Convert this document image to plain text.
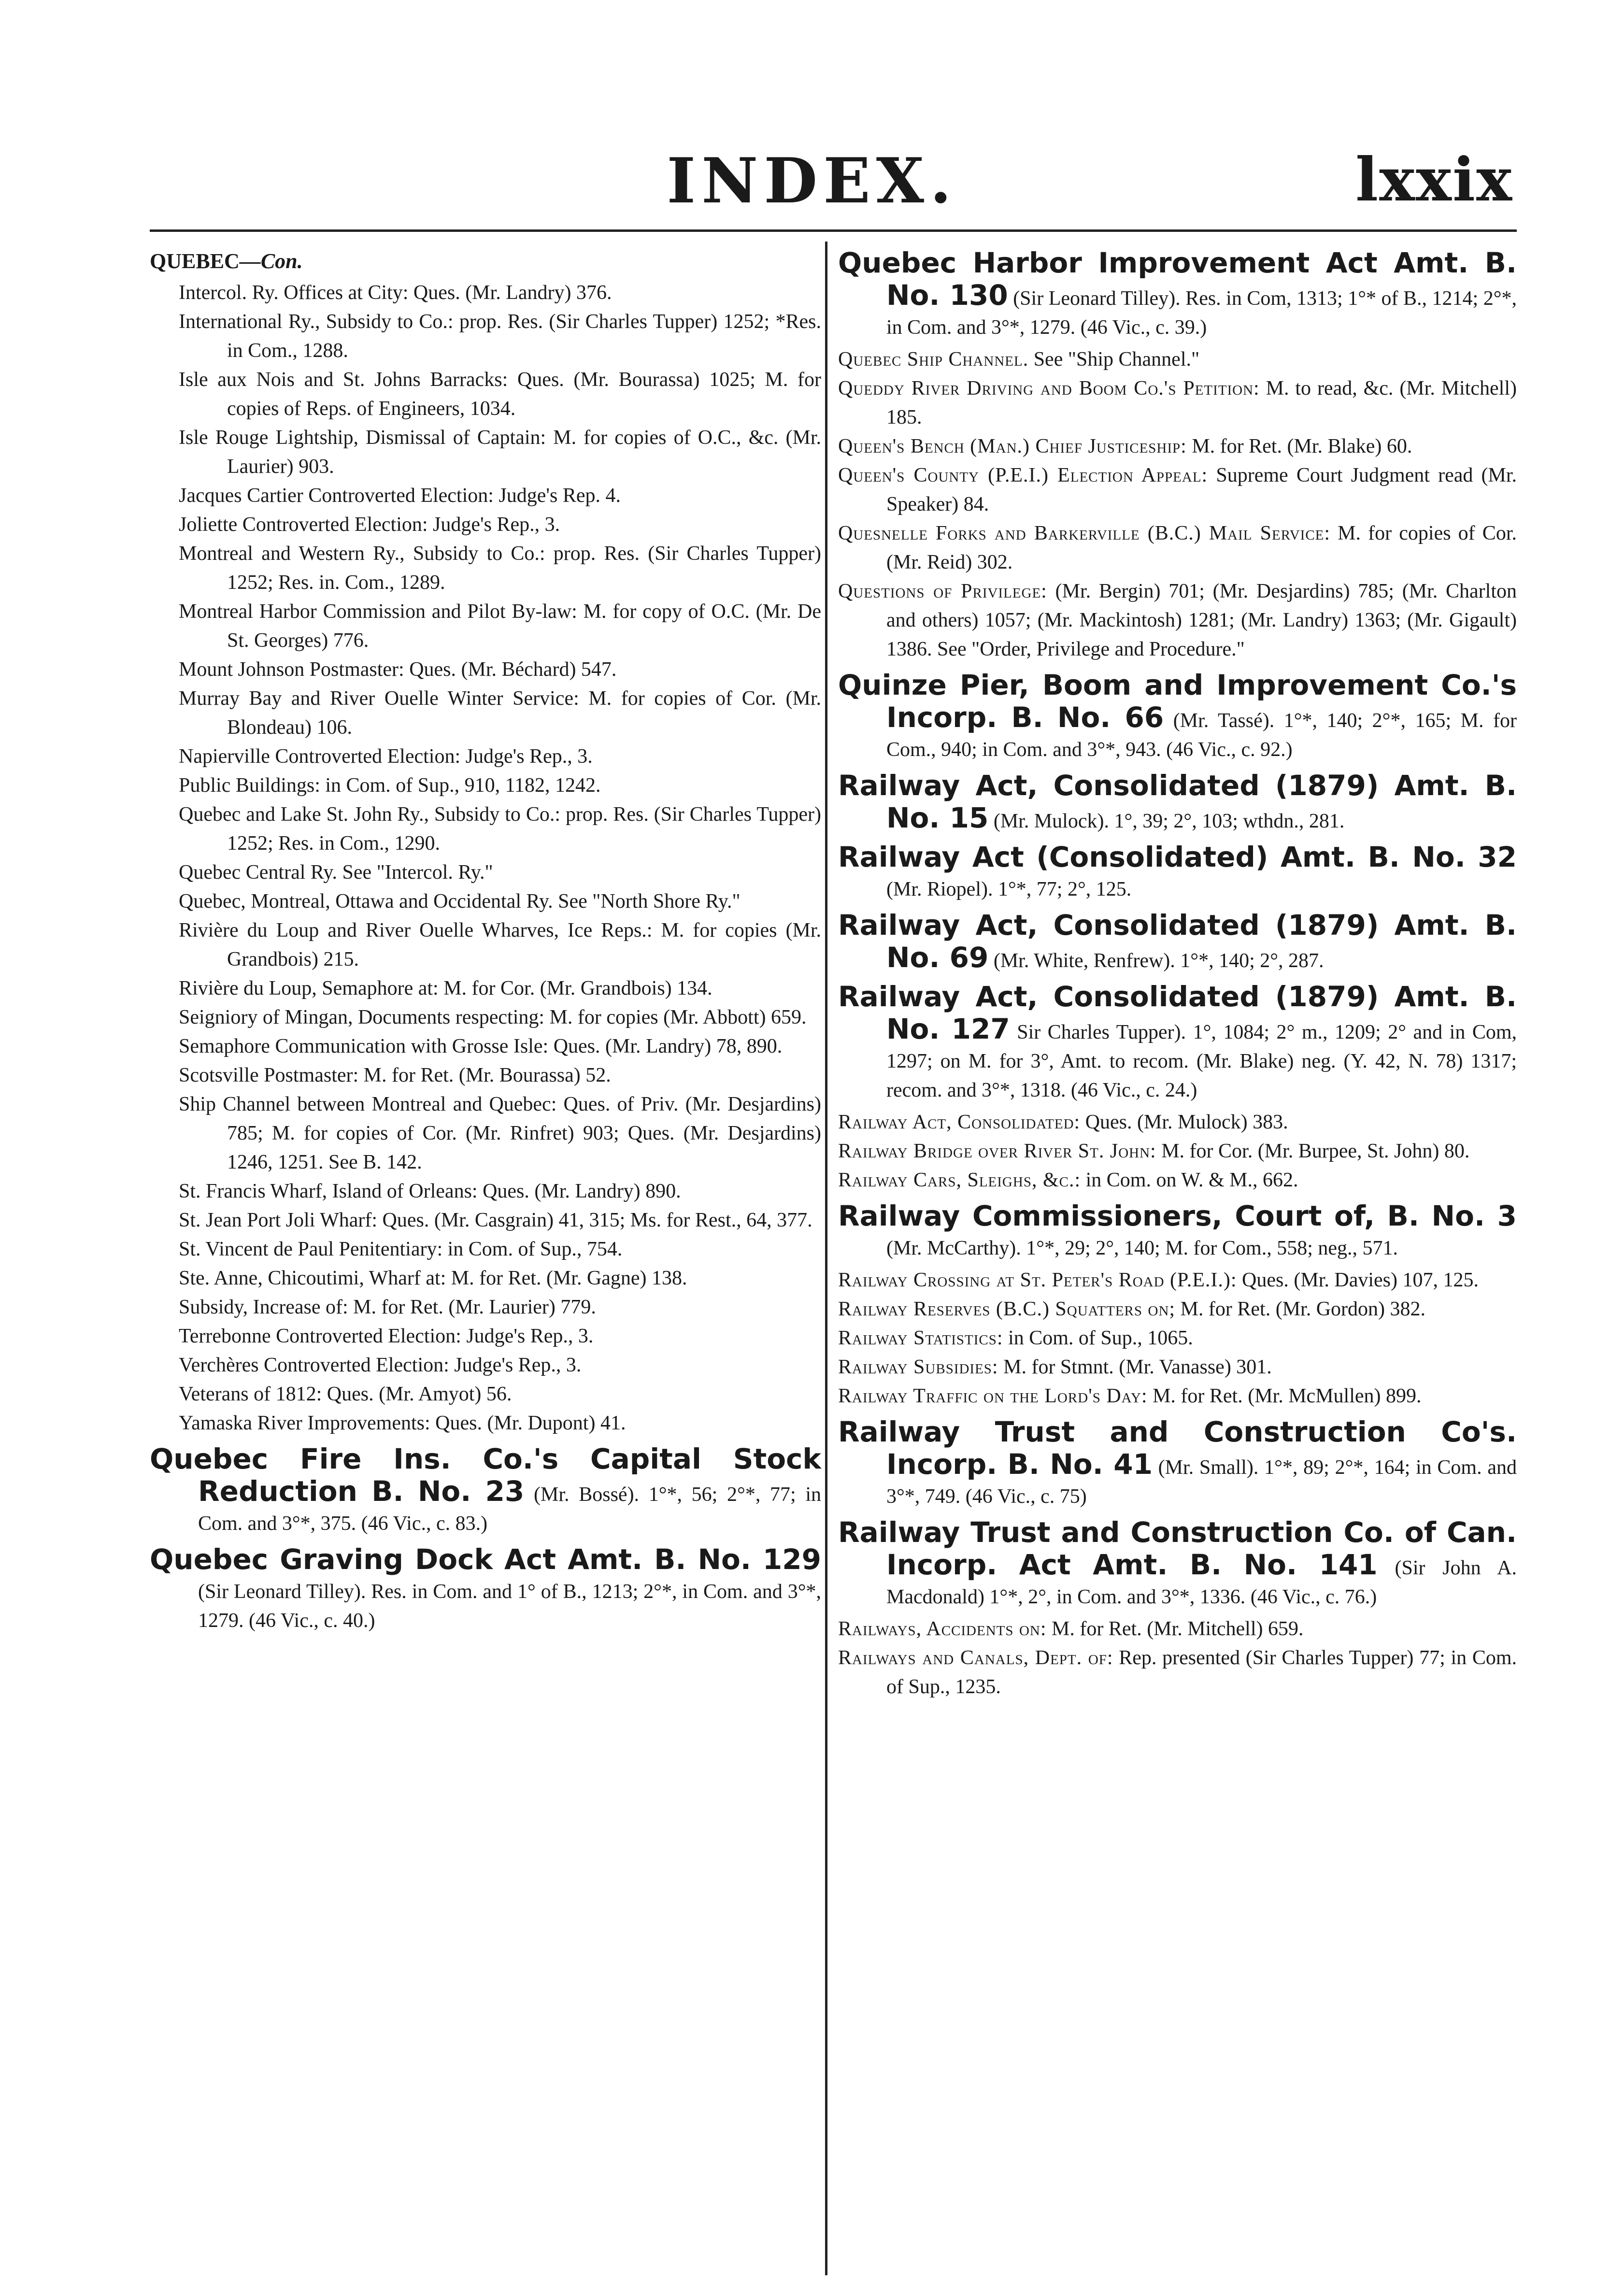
INDEX.	lxxix
QUEBEC—Con.

Intercol. Ry. Offices at City: Ques. (Mr. Landry) 376.

International Ry., Subsidy to Co.: prop. Res. (Sir Charles Tupper) 1252; *Res. in Com., 1288.

Isle aux Nois and St. Johns Barracks: Ques. (Mr. Bourassa) 1025; M. for copies of Reps. of Engineers, 1034.

Isle Rouge Lightship, Dismissal of Captain: M. for copies of O.C., &c. (Mr. Laurier) 903.

Jacques Cartier Controverted Election: Judge's Rep. 4.

Joliette Controverted Election: Judge's Rep., 3.

Montreal and Western Ry., Subsidy to Co.: prop. Res. (Sir Charles Tupper) 1252; Res. in. Com., 1289.

Montreal Harbor Commission and Pilot By-law: M. for copy of O.C. (Mr. De St. Georges) 776.

Mount Johnson Postmaster: Ques. (Mr. Béchard) 547.

Murray Bay and River Ouelle Winter Service: M. for copies of Cor. (Mr. Blondeau) 106.

Napierville Controverted Election: Judge's Rep., 3.

Public Buildings: in Com. of Sup., 910, 1182, 1242.

Quebec and Lake St. John Ry., Subsidy to Co.: prop. Res. (Sir Charles Tupper) 1252; Res. in Com., 1290.

Quebec Central Ry. See "Intercol. Ry."

Quebec, Montreal, Ottawa and Occidental Ry. See "North Shore Ry."

Rivière du Loup and River Ouelle Wharves, Ice Reps.: M. for copies (Mr. Grandbois) 215.

Rivière du Loup, Semaphore at: M. for Cor. (Mr. Grandbois) 134.

Seigniory of Mingan, Documents respecting: M. for copies (Mr. Abbott) 659.

Semaphore Communication with Grosse Isle: Ques. (Mr. Landry) 78, 890.

Scotsville Postmaster: M. for Ret. (Mr. Bourassa) 52.

Ship Channel between Montreal and Quebec: Ques. of Priv. (Mr. Desjardins) 785; M. for copies of Cor. (Mr. Rinfret) 903; Ques. (Mr. Desjardins) 1246, 1251. See B. 142.

St. Francis Wharf, Island of Orleans: Ques. (Mr. Landry) 890.

St. Jean Port Joli Wharf: Ques. (Mr. Casgrain) 41, 315; Ms. for Rest., 64, 377.

St. Vincent de Paul Penitentiary: in Com. of Sup., 754.

Ste. Anne, Chicoutimi, Wharf at: M. for Ret. (Mr. Gagne) 138.

Subsidy, Increase of: M. for Ret. (Mr. Laurier) 779.

Terrebonne Controverted Election: Judge's Rep., 3.

Verchères Controverted Election: Judge's Rep., 3.

Veterans of 1812: Ques. (Mr. Amyot) 56.

Yamaska River Improvements: Ques. (Mr. Dupont) 41.

Quebec Fire Ins. Co.'s Capital Stock Reduction B. No. 23 (Mr. Bossé). 1°*, 56; 2°*, 77; in Com. and 3°*, 375. (46 Vic., c. 83.)

Quebec Graving Dock Act Amt. B. No. 129 (Sir Leonard Tilley). Res. in Com. and 1° of B., 1213; 2°*, in Com. and 3°*, 1279. (46 Vic., c. 40.)

Quebec Harbor Improvement Act Amt. B. No. 130 (Sir Leonard Tilley). Res. in Com, 1313; 1°* of B., 1214; 2°*, in Com. and 3°*, 1279. (46 Vic., c. 39.)

Quebec Ship Channel. See "Ship Channel."

Queddy River Driving and Boom Co.'s Petition: M. to read, &c. (Mr. Mitchell) 185.

Queen's Bench (Man.) Chief Justiceship: M. for Ret. (Mr. Blake) 60.

Queen's County (P.E.I.) Election Appeal: Supreme Court Judgment read (Mr. Speaker) 84.

Quesnelle Forks and Barkerville (B.C.) Mail Service: M. for copies of Cor. (Mr. Reid) 302.

Questions of Privilege: (Mr. Bergin) 701; (Mr. Desjardins) 785; (Mr. Charlton and others) 1057; (Mr. Mackintosh) 1281; (Mr. Landry) 1363; (Mr. Gigault) 1386. See "Order, Privilege and Procedure."

Quinze Pier, Boom and Improvement Co.'s Incorp. B. No. 66 (Mr. Tassé). 1°*, 140; 2°*, 165; M. for Com., 940; in Com. and 3°*, 943. (46 Vic., c. 92.)

Railway Act, Consolidated (1879) Amt. B. No. 15 (Mr. Mulock). 1°, 39; 2°, 103; wthdn., 281.

Railway Act (Consolidated) Amt. B. No. 32 (Mr. Riopel). 1°*, 77; 2°, 125.

Railway Act, Consolidated (1879) Amt. B. No. 69 (Mr. White, Renfrew). 1°*, 140; 2°, 287.

Railway Act, Consolidated (1879) Amt. B. No. 127 Sir Charles Tupper). 1°, 1084; 2° m., 1209; 2° and in Com, 1297; on M. for 3°, Amt. to recom. (Mr. Blake) neg. (Y. 42, N. 78) 1317; recom. and 3°*, 1318. (46 Vic., c. 24.)

Railway Act, Consolidated: Ques. (Mr. Mulock) 383.

Railway Bridge over River St. John: M. for Cor. (Mr. Burpee, St. John) 80.

Railway Cars, Sleighs, &c.: in Com. on W. & M., 662.

Railway Commissioners, Court of, B. No. 3 (Mr. McCarthy). 1°*, 29; 2°, 140; M. for Com., 558; neg., 571.

Railway Crossing at St. Peter's Road (P.E.I.): Ques. (Mr. Davies) 107, 125.

Railway Reserves (B.C.) Squatters on; M. for Ret. (Mr. Gordon) 382.

Railway Statistics: in Com. of Sup., 1065.

Railway Subsidies: M. for Stmnt. (Mr. Vanasse) 301.

Railway Traffic on the Lord's Day: M. for Ret. (Mr. McMullen) 899.

Railway Trust and Construction Co's. Incorp. B. No. 41 (Mr. Small). 1°*, 89; 2°*, 164; in Com. and 3°*, 749. (46 Vic., c. 75)

Railway Trust and Construction Co. of Can. Incorp. Act Amt. B. No. 141 (Sir John A. Macdonald) 1°*, 2°, in Com. and 3°*, 1336. (46 Vic., c. 76.)

Railways, Accidents on: M. for Ret. (Mr. Mitchell) 659.

Railways and Canals, Dept. of: Rep. presented (Sir Charles Tupper) 77; in Com. of Sup., 1235.
